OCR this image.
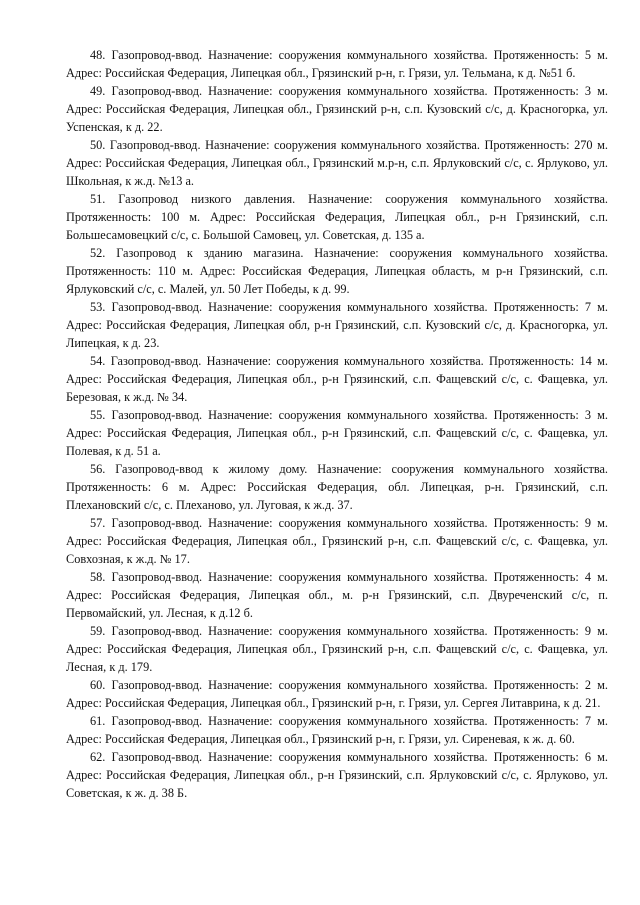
48. Газопровод-ввод. Назначение: сооружения коммунального хозяйства. Протяженность: 5 м. Адрес: Российская Федерация, Липецкая обл., Грязинский р-н, г. Грязи, ул. Тельмана, к д. №51 б.

49. Газопровод-ввод. Назначение: сооружения коммунального хозяйства. Протяженность: 3 м. Адрес: Российская Федерация, Липецкая обл., Грязинский р-н, с.п. Кузовский с/с, д. Красногорка, ул. Успенская, к д. 22.

50. Газопровод-ввод. Назначение: сооружения коммунального хозяйства. Протяженность: 270 м. Адрес: Российская Федерация, Липецкая обл., Грязинский м.р-н, с.п. Ярлуковский с/с, с. Ярлуково, ул. Школьная, к ж.д. №13 а.

51. Газопровод низкого давления. Назначение: сооружения коммунального хозяйства. Протяженность: 100 м. Адрес: Российская Федерация, Липецкая обл., р-н Грязинский, с.п. Большесамовецкий с/с, с. Большой Самовец, ул. Советская, д. 135 а.

52. Газопровод к зданию магазина. Назначение: сооружения коммунального хозяйства. Протяженность: 110 м. Адрес: Российская Федерация, Липецкая область, м р-н Грязинский, с.п. Ярлуковский с/с, с. Малей, ул. 50 Лет Победы, к д. 99.

53. Газопровод-ввод. Назначение: сооружения коммунального хозяйства. Протяженность: 7 м. Адрес: Российская Федерация, Липецкая обл, р-н Грязинский, с.п. Кузовский с/с, д. Красногорка, ул. Липецкая, к д. 23.

54. Газопровод-ввод. Назначение: сооружения коммунального хозяйства. Протяженность: 14 м. Адрес: Российская Федерация, Липецкая обл., р-н Грязинский, с.п. Фащевский с/с, с. Фащевка, ул. Березовая, к ж.д. № 34.

55. Газопровод-ввод. Назначение: сооружения коммунального хозяйства. Протяженность: 3 м. Адрес: Российская Федерация, Липецкая обл., р-н Грязинский, с.п. Фащевский с/с, с. Фащевка, ул. Полевая, к д. 51 а.

56. Газопровод-ввод к жилому дому. Назначение: сооружения коммунального хозяйства. Протяженность: 6 м. Адрес: Российская Федерация, обл. Липецкая, р-н. Грязинский, с.п. Плехановский с/с, с. Плеханово, ул. Луговая, к ж.д. 37.

57. Газопровод-ввод. Назначение: сооружения коммунального хозяйства. Протяженность: 9 м. Адрес: Российская Федерация, Липецкая обл., Грязинский р-н, с.п. Фащевский с/с, с. Фащевка, ул. Совхозная, к ж.д. № 17.

58. Газопровод-ввод. Назначение: сооружения коммунального хозяйства. Протяженность: 4 м. Адрес: Российская Федерация, Липецкая обл., м. р-н Грязинский, с.п. Двуреченский с/с, п. Первомайский, ул. Лесная, к д.12 б.

59. Газопровод-ввод. Назначение: сооружения коммунального хозяйства. Протяженность: 9 м. Адрес: Российская Федерация, Липецкая обл., Грязинский р-н, с.п. Фащевский с/с, с. Фащевка, ул. Лесная, к д. 179.

60. Газопровод-ввод. Назначение: сооружения коммунального хозяйства. Протяженность: 2 м. Адрес: Российская Федерация, Липецкая обл., Грязинский р-н, г. Грязи, ул. Сергея Литаврина, к д. 21.

61. Газопровод-ввод. Назначение: сооружения коммунального хозяйства. Протяженность: 7 м. Адрес: Российская Федерация, Липецкая обл., Грязинский р-н, г. Грязи, ул. Сиреневая, к ж. д. 60.

62. Газопровод-ввод. Назначение: сооружения коммунального хозяйства. Протяженность: 6 м. Адрес: Российская Федерация, Липецкая обл., р-н Грязинский, с.п. Ярлуковский с/с, с. Ярлуково, ул. Советская, к ж. д. 38 Б.
